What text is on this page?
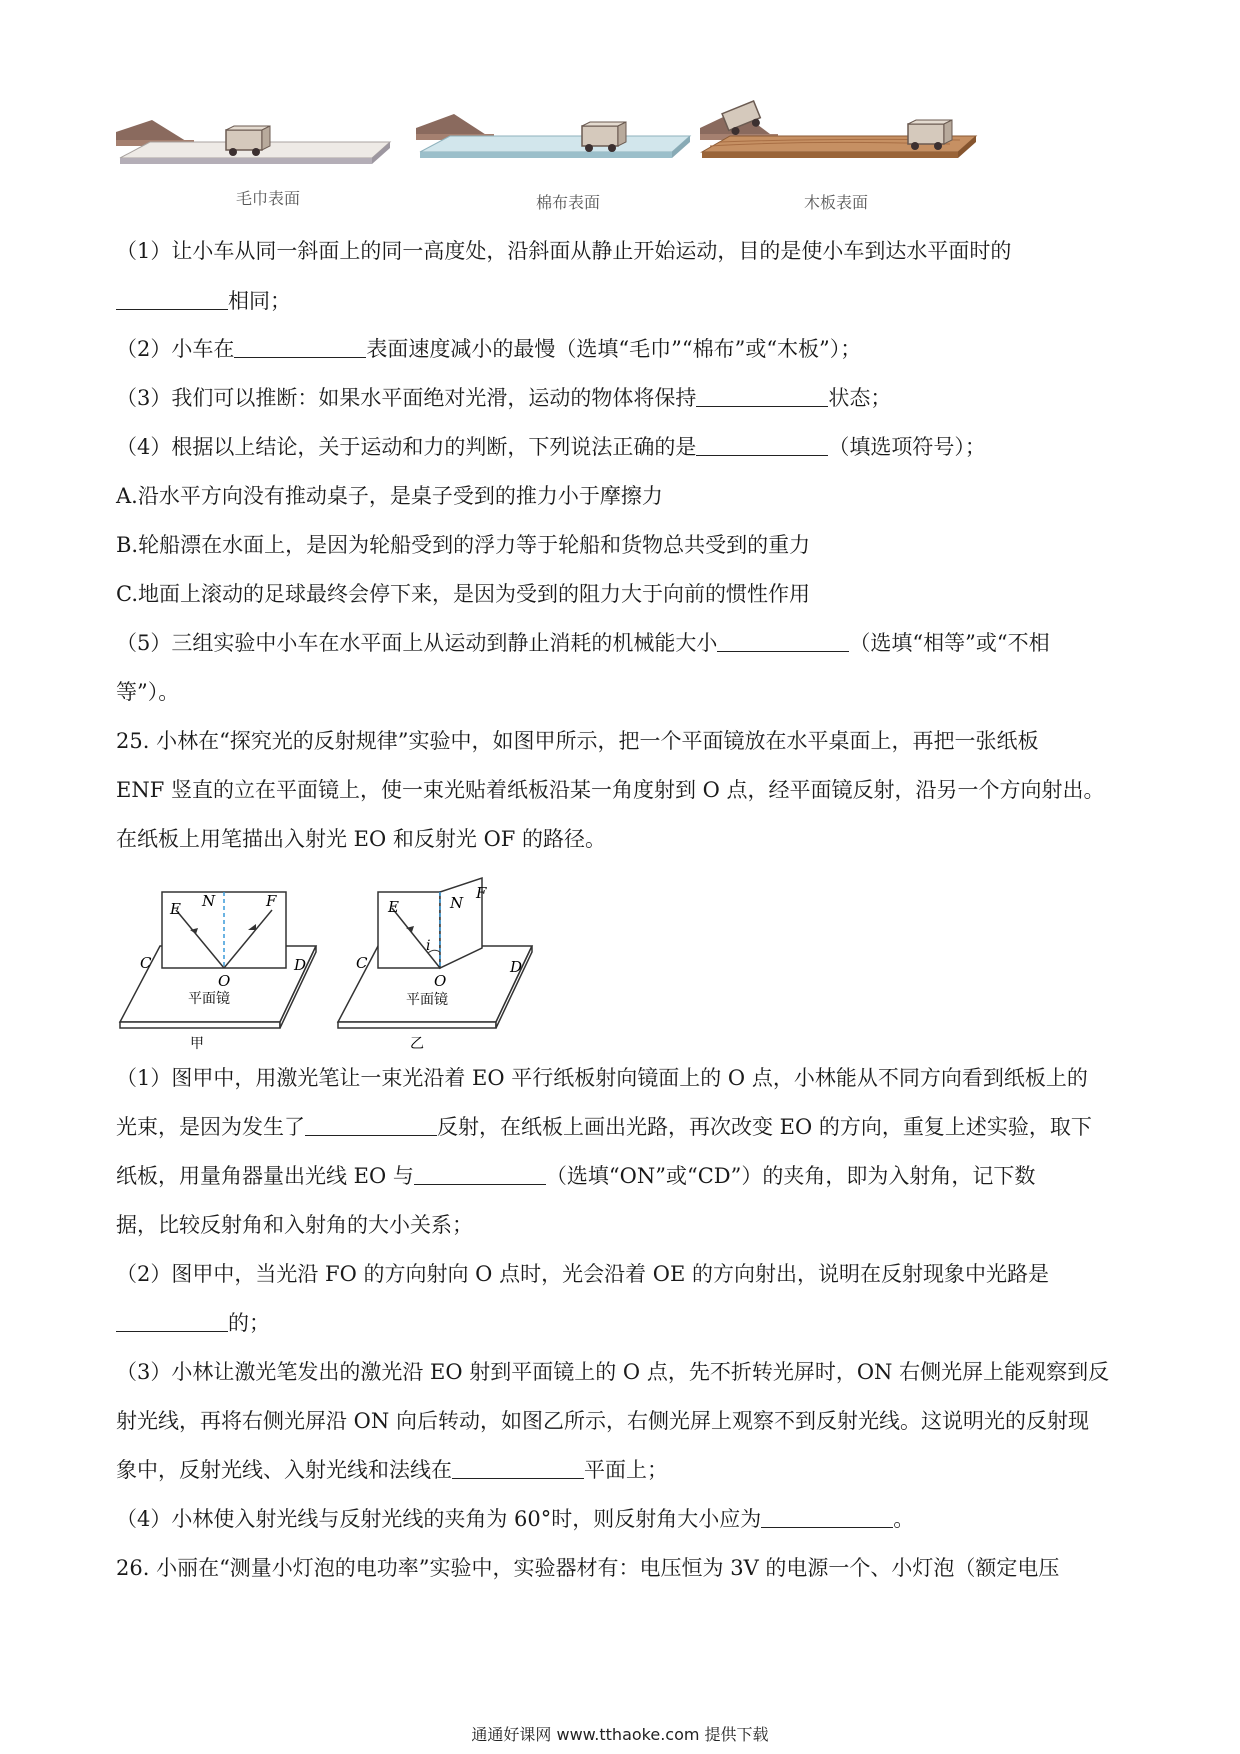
毛巾表面	棉布表面	木板表面
（1）让小车从同一斜面上的同一高度处，沿斜面从静止开始运动，目的是使小车到达水平面时的
相同；
（2）小车在	表面速度减小的最慢（选填“毛巾”“棉布”或“木板”）；
（3）我们可以推断：如果水平面绝对光滑，运动的物体将保持	状态；
（4）根据以上结论，关于运动和力的判断，下列说法正确的是	（填选项符号）；
A.沿水平方向没有推动桌子，是桌子受到的推力小于摩擦力
B.轮船漂在水面上，是因为轮船受到的浮力等于轮船和货物总共受到的重力
C.地面上滚动的足球最终会停下来，是因为受到的阻力大于向前的惯性作用
（5）三组实验中小车在水平面上从运动到静止消耗的机械能大小	（选填“相等”或“不相
等”）。
25. 小林在“探究光的反射规律”实验中，如图甲所示，把一个平面镜放在水平桌面上，再把一张纸板
ENF 竖直的立在平面镜上，使一束光贴着纸板沿某一角度射到 O 点，经平面镜反射，沿另一个方向射出。
在纸板上用笔描出入射光 EO 和反射光 OF 的路径。
E N	F
C	D
O
平面镜
甲
E	N
F
i
C	D
O
平面镜
乙
（1）图甲中，用激光笔让一束光沿着 EO 平行纸板射向镜面上的 O 点，小林能从不同方向看到纸板上的
光束，是因为发生了	反射，在纸板上画出光路，再次改变 EO 的方向，重复上述实验，取下
纸板，用量角器量出光线 EO 与	（选填“ON”或“CD”）的夹角，即为入射角，记下数
据，比较反射角和入射角的大小关系；
（2）图甲中，当光沿 FO 的方向射向 O 点时，光会沿着 OE 的方向射出，说明在反射现象中光路是
的；
（3）小林让激光笔发出的激光沿 EO 射到平面镜上的 O 点，先不折转光屏时，ON 右侧光屏上能观察到反
射光线，再将右侧光屏沿 ON 向后转动，如图乙所示，右侧光屏上观察不到反射光线。这说明光的反射现
象中，反射光线、入射光线和法线在	平面上；
（4）小林使入射光线与反射光线的夹角为 60°时，则反射角大小应为	。
26. 小丽在“测量小灯泡的电功率”实验中，实验器材有：电压恒为 3V 的电源一个、小灯泡（额定电压
通通好课网 www.tthaoke.com 提供下载
